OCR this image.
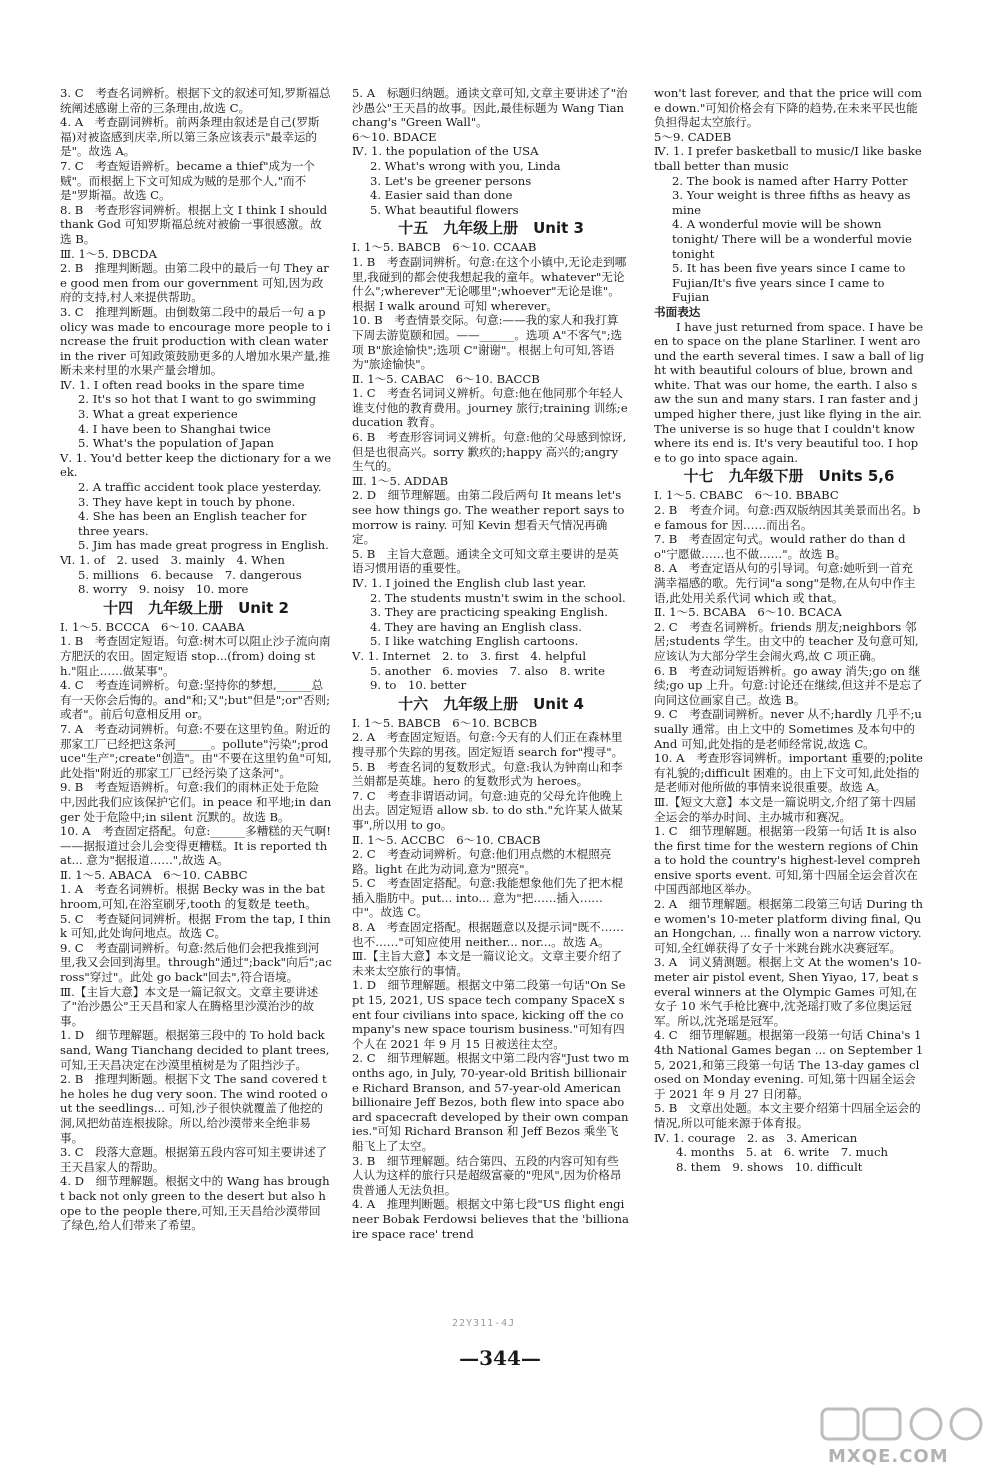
3. C　考查名词辨析。根据下文的叙述可知,罗斯福总统阐述感谢上帝的三条理由,故选 C。
4. A　考查副词辨析。前两条理由叙述是自己(罗斯福)对被盗感到庆幸,所以第三条应该表示"最幸运的是"。故选 A。
7. C　考查短语辨析。became a thief"成为一个贼"。而根据上下文可知成为贼的是那个人,"而不是"罗斯福。故选 C。
8. B　考查形容词辨析。根据上文 I think I should thank God 可知罗斯福总统对被偷一事很感激。故选 B。
Ⅲ. 1～5. DBCDA
2. B　推理判断题。由第二段中的最后一句 They are good men from our government 可知,因为政府的支持,村人来提供帮助。
3. C　推理判断题。由倒数第二段中的最后一句 a policy was made to encourage more people to increase the fruit production with clean water in the river 可知政策鼓励更多的人增加水果产量,推断未来村里的水果产量会增加。
Ⅳ. 1. I often read books in the spare time
2. It's so hot that I want to go swimming
3. What a great experience
4. I have been to Shanghai twice
5. What's the population of Japan
Ⅴ. 1. You'd better keep the dictionary for a week.
2. A traffic accident took place yesterday.
3. They have kept in touch by phone.
4. She has been an English teacher for three years.
5. Jim has made great progress in English.
Ⅵ. 1. of　2. used　3. mainly　4. When
5. millions　6. because　7. dangerous
8. worry　9. noisy　10. more
十四　九年级上册　Unit 2
Ⅰ. 1～5. BCCCA　6～10. CAABA
1. B　考查固定短语。句意:树木可以阻止沙子流向南方肥沃的农田。固定短语 stop...(from) doing sth."阻止……做某事"。
4. C　考查连词辨析。句意:坚持你的梦想,______总有一天你会后悔的。and"和;又";but"但是";or"否则;或者"。前后句意相反用 or。
7. A　考查动词辨析。句意:不要在这里钓鱼。附近的那家工厂已经把这条河______。pollute"污染";produce"生产";create"创造"。由"不要在这里钓鱼"可知,此处指"附近的那家工厂已经污染了这条河"。
9. B　考查短语辨析。句意:我们的雨林正处于危险中,因此我们应该保护它们。in peace 和平地;in danger 处于危险中;in silent 沉默的。故选 B。
10. A　考查固定搭配。句意:______多糟糕的天气啊!——据报道过会儿会变得更糟糕。It is reported that... 意为"据报道……",故选 A。
Ⅱ. 1～5. ABACA　6～10. CABBC
1. A　考查名词辨析。根据 Becky was in the bathroom,可知,在浴室刷牙,tooth 的复数是 teeth。
5. C　考查疑问词辨析。根据 From the tap, I think 可知,此处询问地点。故选 C。
9. C　考查副词辨析。句意:然后他们会把我推到河里,我又会回到海里。through"通过";back"向后";across"穿过"。此处 go back"回去",符合语境。
Ⅲ.【主旨大意】本文是一篇记叙文。文章主要讲述了"治沙愚公"王天昌和家人在腾格里沙漠治沙的故事。
1. D　细节理解题。根据第三段中的 To hold back sand, Wang Tianchang decided to plant trees,可知,王天昌决定在沙漠里植树是为了阻挡沙子。
2. B　推理判断题。根据下文 The sand covered the holes he dug very soon. The wind rooted out the seedlings... 可知,沙子很快就覆盖了他挖的洞,风把幼苗连根拔除。所以,给沙漠带来全绝非易事。
3. C　段落大意题。根据第五段内容可知主要讲述了王天昌家人的帮助。
4. D　细节理解题。根据文中的 Wang has brought back not only green to the desert but also hope to the people there,可知,王天昌给沙漠带回了绿色,给人们带来了希望。
5. A　标题归纳题。通读文章可知,文章主要讲述了"治沙愚公"王天昌的故事。因此,最佳标题为 Wang Tianchang's "Green Wall"。
6～10. BDACE
Ⅳ. 1. the population of the USA
2. What's wrong with you, Linda
3. Let's be greener persons
4. Easier said than done
5. What beautiful flowers
十五　九年级上册　Unit 3
Ⅰ. 1～5. BABCB　6～10. CCAAB
1. B　考查副词辨析。句意:在这个小镇中,无论走到哪里,我碰到的都会使我想起我的童年。whatever"无论什么";wherever"无论哪里";whoever"无论是谁"。根据 I walk around 可知 wherever。
10. B　考查情景交际。句意:——我的家人和我打算下周去游览颐和园。——______。选项 A"不客气";选项 B"旅途愉快";选项 C"谢谢"。根据上句可知,答语为"旅途愉快"。
Ⅱ. 1～5. CABAC　6～10. BACCB
1. C　考查名词词义辨析。句意:他在他同那个年轻人谁支付他的教育费用。journey 旅行;training 训练;education 教育。
6. B　考查形容词词义辨析。句意:他的父母感到惊讶,但是也很高兴。sorry 歉疚的;happy 高兴的;angry 生气的。
Ⅲ. 1～5. ADDAB
2. D　细节理解题。由第二段后两句 It means let's see how things go. The weather report says tomorrow is rainy. 可知 Kevin 想看天气情况再确定。
5. B　主旨大意题。通读全文可知文章主要讲的是英语习惯用语的重要性。
Ⅳ. 1. I joined the English club last year.
2. The students mustn't swim in the school.
3. They are practicing speaking English.
4. They are having an English class.
5. I like watching English cartoons.
Ⅴ. 1. Internet　2. to　3. first　4. helpful
5. another　6. movies　7. also　8. write
9. to　10. better
十六　九年级上册　Unit 4
Ⅰ. 1～5. BABCB　6～10. BCBCB
2. A　考查固定短语。句意:今天有的人们正在森林里搜寻那个失踪的男孩。固定短语 search for"搜寻"。
5. B　考查名词的复数形式。句意:我认为钟南山和李兰娟都是英雄。hero 的复数形式为 heroes。
7. C　考查非谓语动词。句意:迪克的父母允许他晚上出去。固定短语 allow sb. to do sth."允许某人做某事",所以用 to go。
Ⅱ. 1～5. ACCBC　6～10. CBACB
2. C　考查动词辨析。句意:他们用点燃的木棍照亮路。light 在此为动词,意为"照亮"。
5. C　考查固定搭配。句意:我能想象他们先了把木棍插入脂肪中。put... into... 意为"把……插入……中"。故选 C。
8. A　考查固定搭配。根据题意以及提示词"既不……也不……"可知应使用 neither... nor...。故选 A。
Ⅲ.【主旨大意】本文是一篇议论文。文章主要介绍了未来太空旅行的事情。
1. D　细节理解题。根据文中第二段第一句话"On Sept 15, 2021, US space tech company SpaceX sent four civilians into space, kicking off the company's new space tourism business."可知有四个人在 2021 年 9 月 15 日被送往太空。
2. C　细节理解题。根据文中第二段内容"Just two months ago, in July, 70-year-old British billionaire Richard Branson, and 57-year-old American billionaire Jeff Bezos, both flew into space aboard spacecraft developed by their own companies."可知 Richard Branson 和 Jeff Bezos 乘坐飞船飞上了太空。
3. B　细节理解题。结合第四、五段的内容可知有些人认为这样的旅行只是超级富豪的"兜风",因为价格昂贵普通人无法负担。
4. A　推理判断题。根据文中第七段"US flight engineer Bobak Ferdowsi believes that the 'billionaire space race' trend
won't last forever, and that the price will come down."可知价格会有下降的趋势,在未来平民也能负担得起太空旅行。
5～9. CADEB
Ⅳ. 1. I prefer basketball to music/I like basketball better than music
2. The book is named after Harry Potter
3. Your weight is three fifths as heavy as mine
4. A wonderful movie will be shown tonight/ There will be a wonderful movie tonight
5. It has been five years since I came to Fujian/It's five years since I came to Fujian
书面表达
I have just returned from space. I have been to space on the plane Starliner. I went around the earth several times. I saw a ball of light with beautiful colours of blue, brown and white. That was our home, the earth. I also saw the sun and many stars. I ran faster and jumped higher there, just like flying in the air. The universe is so huge that I couldn't know where its end is. It's very beautiful too. I hope to go into space again.
十七　九年级下册　Units 5,6
Ⅰ. 1～5. CBABC　6～10. BBABC
2. B　考查介词。句意:西双版纳因其美景而出名。be famous for 因……而出名。
7. B　考查固定句式。would rather do than do"宁愿做……也不做……"。故选 B。
8. A　考查定语从句的引导词。句意:她听到一首充满幸福感的歌。先行词"a song"是物,在从句中作主语,此处用关系代词 which 或 that。
Ⅱ. 1～5. BCABA　6～10. BCACA
2. C　考查名词辨析。friends 朋友;neighbors 邻居;students 学生。由文中的 teacher 及句意可知,应该认为大部分学生会闹火鸡,故 C 项正确。
6. B　考查动词短语辨析。go away 消失;go on 继续;go up 上升。句意:讨论还在继续,但这并不是忘了向同这位画家自己。故选 B。
9. C　考查副词辨析。never 从不;hardly 几乎不;usually 通常。由上文中的 Sometimes 及本句中的 And 可知,此处指的是老师经常说,故选 C。
10. A　考查形容词辨析。important 重要的;polite 有礼貌的;difficult 困难的。由上下文可知,此处指的是老师对他所做的事情来说很重要。故选 A。
Ⅲ.【短文大意】本文是一篇说明文,介绍了第十四届全运会的举办时间、主办城市和赛况。
1. C　细节理解题。根据第一段第一句话 It is also the first time for the western regions of China to hold the country's highest-level comprehensive sports event. 可知,第十四届全运会首次在中国西部地区举办。
2. A　细节理解题。根据第二段第三句话 During the women's 10-meter platform diving final, Quan Hongchan, ... finally won a narrow victory. 可知,全红婵获得了女子十米跳台跳水决赛冠军。
3. A　词义猜测题。根据上文 At the women's 10-meter air pistol event, Shen Yiyao, 17, beat several winners at the Olympic Games 可知,在女子 10 米气手枪比赛中,沈尧瑶打败了多位奥运冠军。所以,沈尧瑶是冠军。
4. C　细节理解题。根据第一段第一句话 China's 14th National Games began ... on September 15, 2021,和第三段第一句话 The 13-day games closed on Monday evening. 可知,第十四届全运会于 2021 年 9 月 27 日闭幕。
5. B　文章出处题。本文主要介绍第十四届全运会的情况,所以可能来源于体育报。
Ⅳ. 1. courage　2. as　3. American
4. months　5. at　6. write　7. much
8. them　9. shows　10. difficult
22Y311-4J
—344—
MXQE.COM
